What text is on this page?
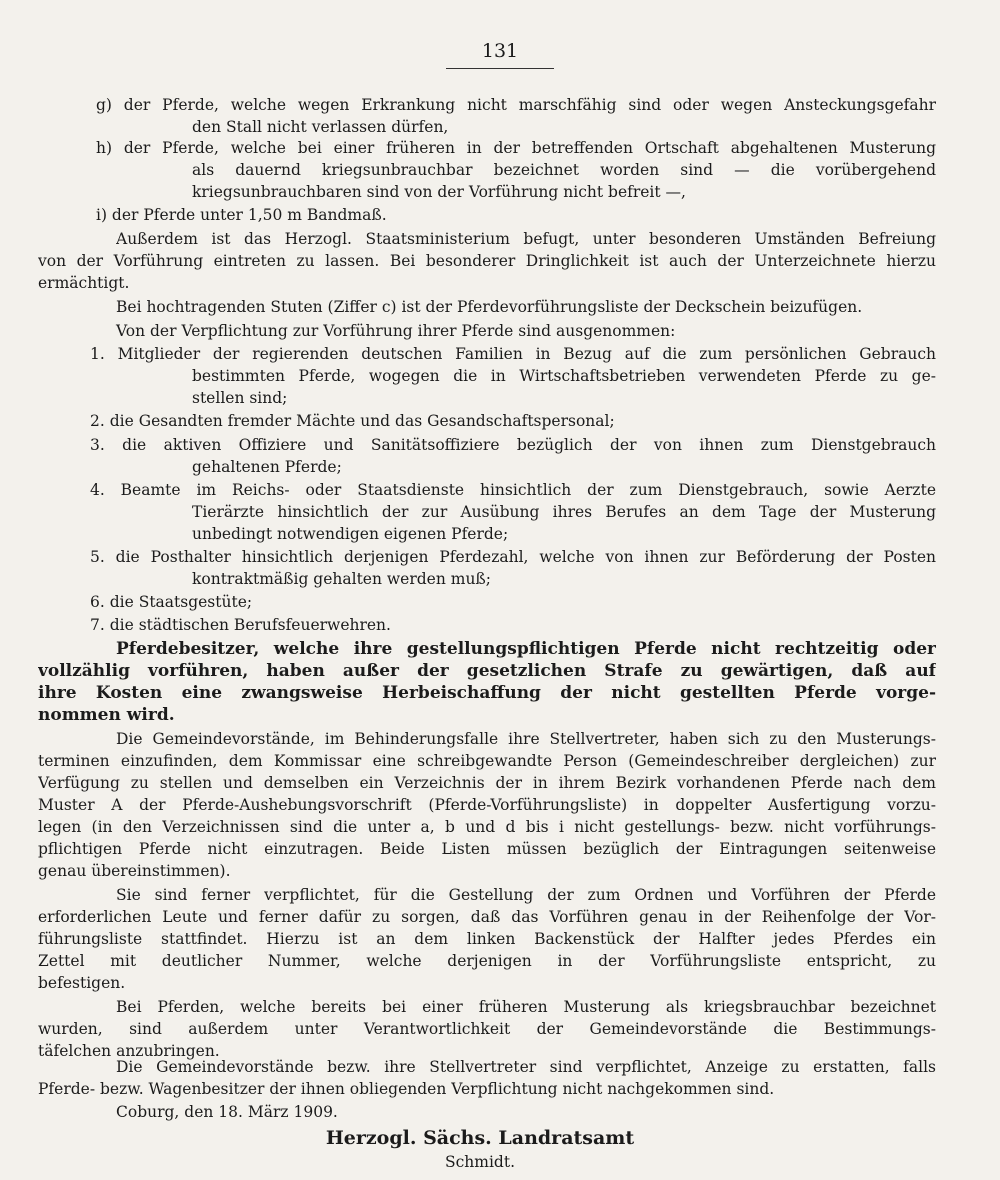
131
g) der Pferde, welche wegen Erkrankung nicht marschfähig sind oder wegen Ansteckungsgefahr
den Stall nicht verlassen dürfen,
h) der Pferde, welche bei einer früheren in der betreffenden Ortschaft abgehaltenen Musterung
als dauernd kriegsunbrauchbar bezeichnet worden sind — die vorübergehend
kriegsunbrauchbaren sind von der Vorführung nicht befreit —,
i) der Pferde unter 1,50 m Bandmaß.
Außerdem ist das Herzogl. Staatsministerium befugt, unter besonderen Umständen Befreiung
von der Vorführung eintreten zu lassen. Bei besonderer Dringlichkeit ist auch der Unterzeichnete hierzu
ermächtigt.
Bei hochtragenden Stuten (Ziffer c) ist der Pferdevorführungsliste der Deckschein beizufügen.
Von der Verpflichtung zur Vorführung ihrer Pferde sind ausgenommen:
1. Mitglieder der regierenden deutschen Familien in Bezug auf die zum persönlichen Gebrauch
bestimmten Pferde, wogegen die in Wirtschaftsbetrieben verwendeten Pferde zu ge-
stellen sind;
2. die Gesandten fremder Mächte und das Gesandschaftspersonal;
3. die aktiven Offiziere und Sanitätsoffiziere bezüglich der von ihnen zum Dienstgebrauch
gehaltenen Pferde;
4. Beamte im Reichs- oder Staatsdienste hinsichtlich der zum Dienstgebrauch, sowie Aerzte
Tierärzte hinsichtlich der zur Ausübung ihres Berufes an dem Tage der Musterung
unbedingt notwendigen eigenen Pferde;
5. die Posthalter hinsichtlich derjenigen Pferdezahl, welche von ihnen zur Beförderung der Posten
kontraktmäßig gehalten werden muß;
6. die Staatsgestüte;
7. die städtischen Berufsfeuerwehren.
Pferdebesitzer, welche ihre gestellungspflichtigen Pferde nicht rechtzeitig oder
vollzählig vorführen, haben außer der gesetzlichen Strafe zu gewärtigen, daß auf
ihre Kosten eine zwangsweise Herbeischaffung der nicht gestellten Pferde vorge-
nommen wird.
Die Gemeindevorstände, im Behinderungsfalle ihre Stellvertreter, haben sich zu den Musterungs-
terminen einzufinden, dem Kommissar eine schreibgewandte Person (Gemeindeschreiber dergleichen) zur
Verfügung zu stellen und demselben ein Verzeichnis der in ihrem Bezirk vorhandenen Pferde nach dem
Muster A der Pferde-Aushebungsvorschrift (Pferde-Vorführungsliste) in doppelter Ausfertigung vorzu-
legen (in den Verzeichnissen sind die unter a, b und d bis i nicht gestellungs- bezw. nicht vorführungs-
pflichtigen Pferde nicht einzutragen. Beide Listen müssen bezüglich der Eintragungen seitenweise
genau übereinstimmen).
Sie sind ferner verpflichtet, für die Gestellung der zum Ordnen und Vorführen der Pferde
erforderlichen Leute und ferner dafür zu sorgen, daß das Vorführen genau in der Reihenfolge der Vor-
führungsliste stattfindet. Hierzu ist an dem linken Backenstück der Halfter jedes Pferdes ein
Zettel mit deutlicher Nummer, welche derjenigen in der Vorführungsliste entspricht, zu
befestigen.
Bei Pferden, welche bereits bei einer früheren Musterung als kriegsbrauchbar bezeichnet
wurden, sind außerdem unter Verantwortlichkeit der Gemeindevorstände die Bestimmungs-
täfelchen anzubringen.
Die Gemeindevorstände bezw. ihre Stellvertreter sind verpflichtet, Anzeige zu erstatten, falls
Pferde- bezw. Wagenbesitzer der ihnen obliegenden Verpflichtung nicht nachgekommen sind.
Coburg, den 18. März 1909.
Herzogl. Sächs. Landratsamt
Schmidt.
